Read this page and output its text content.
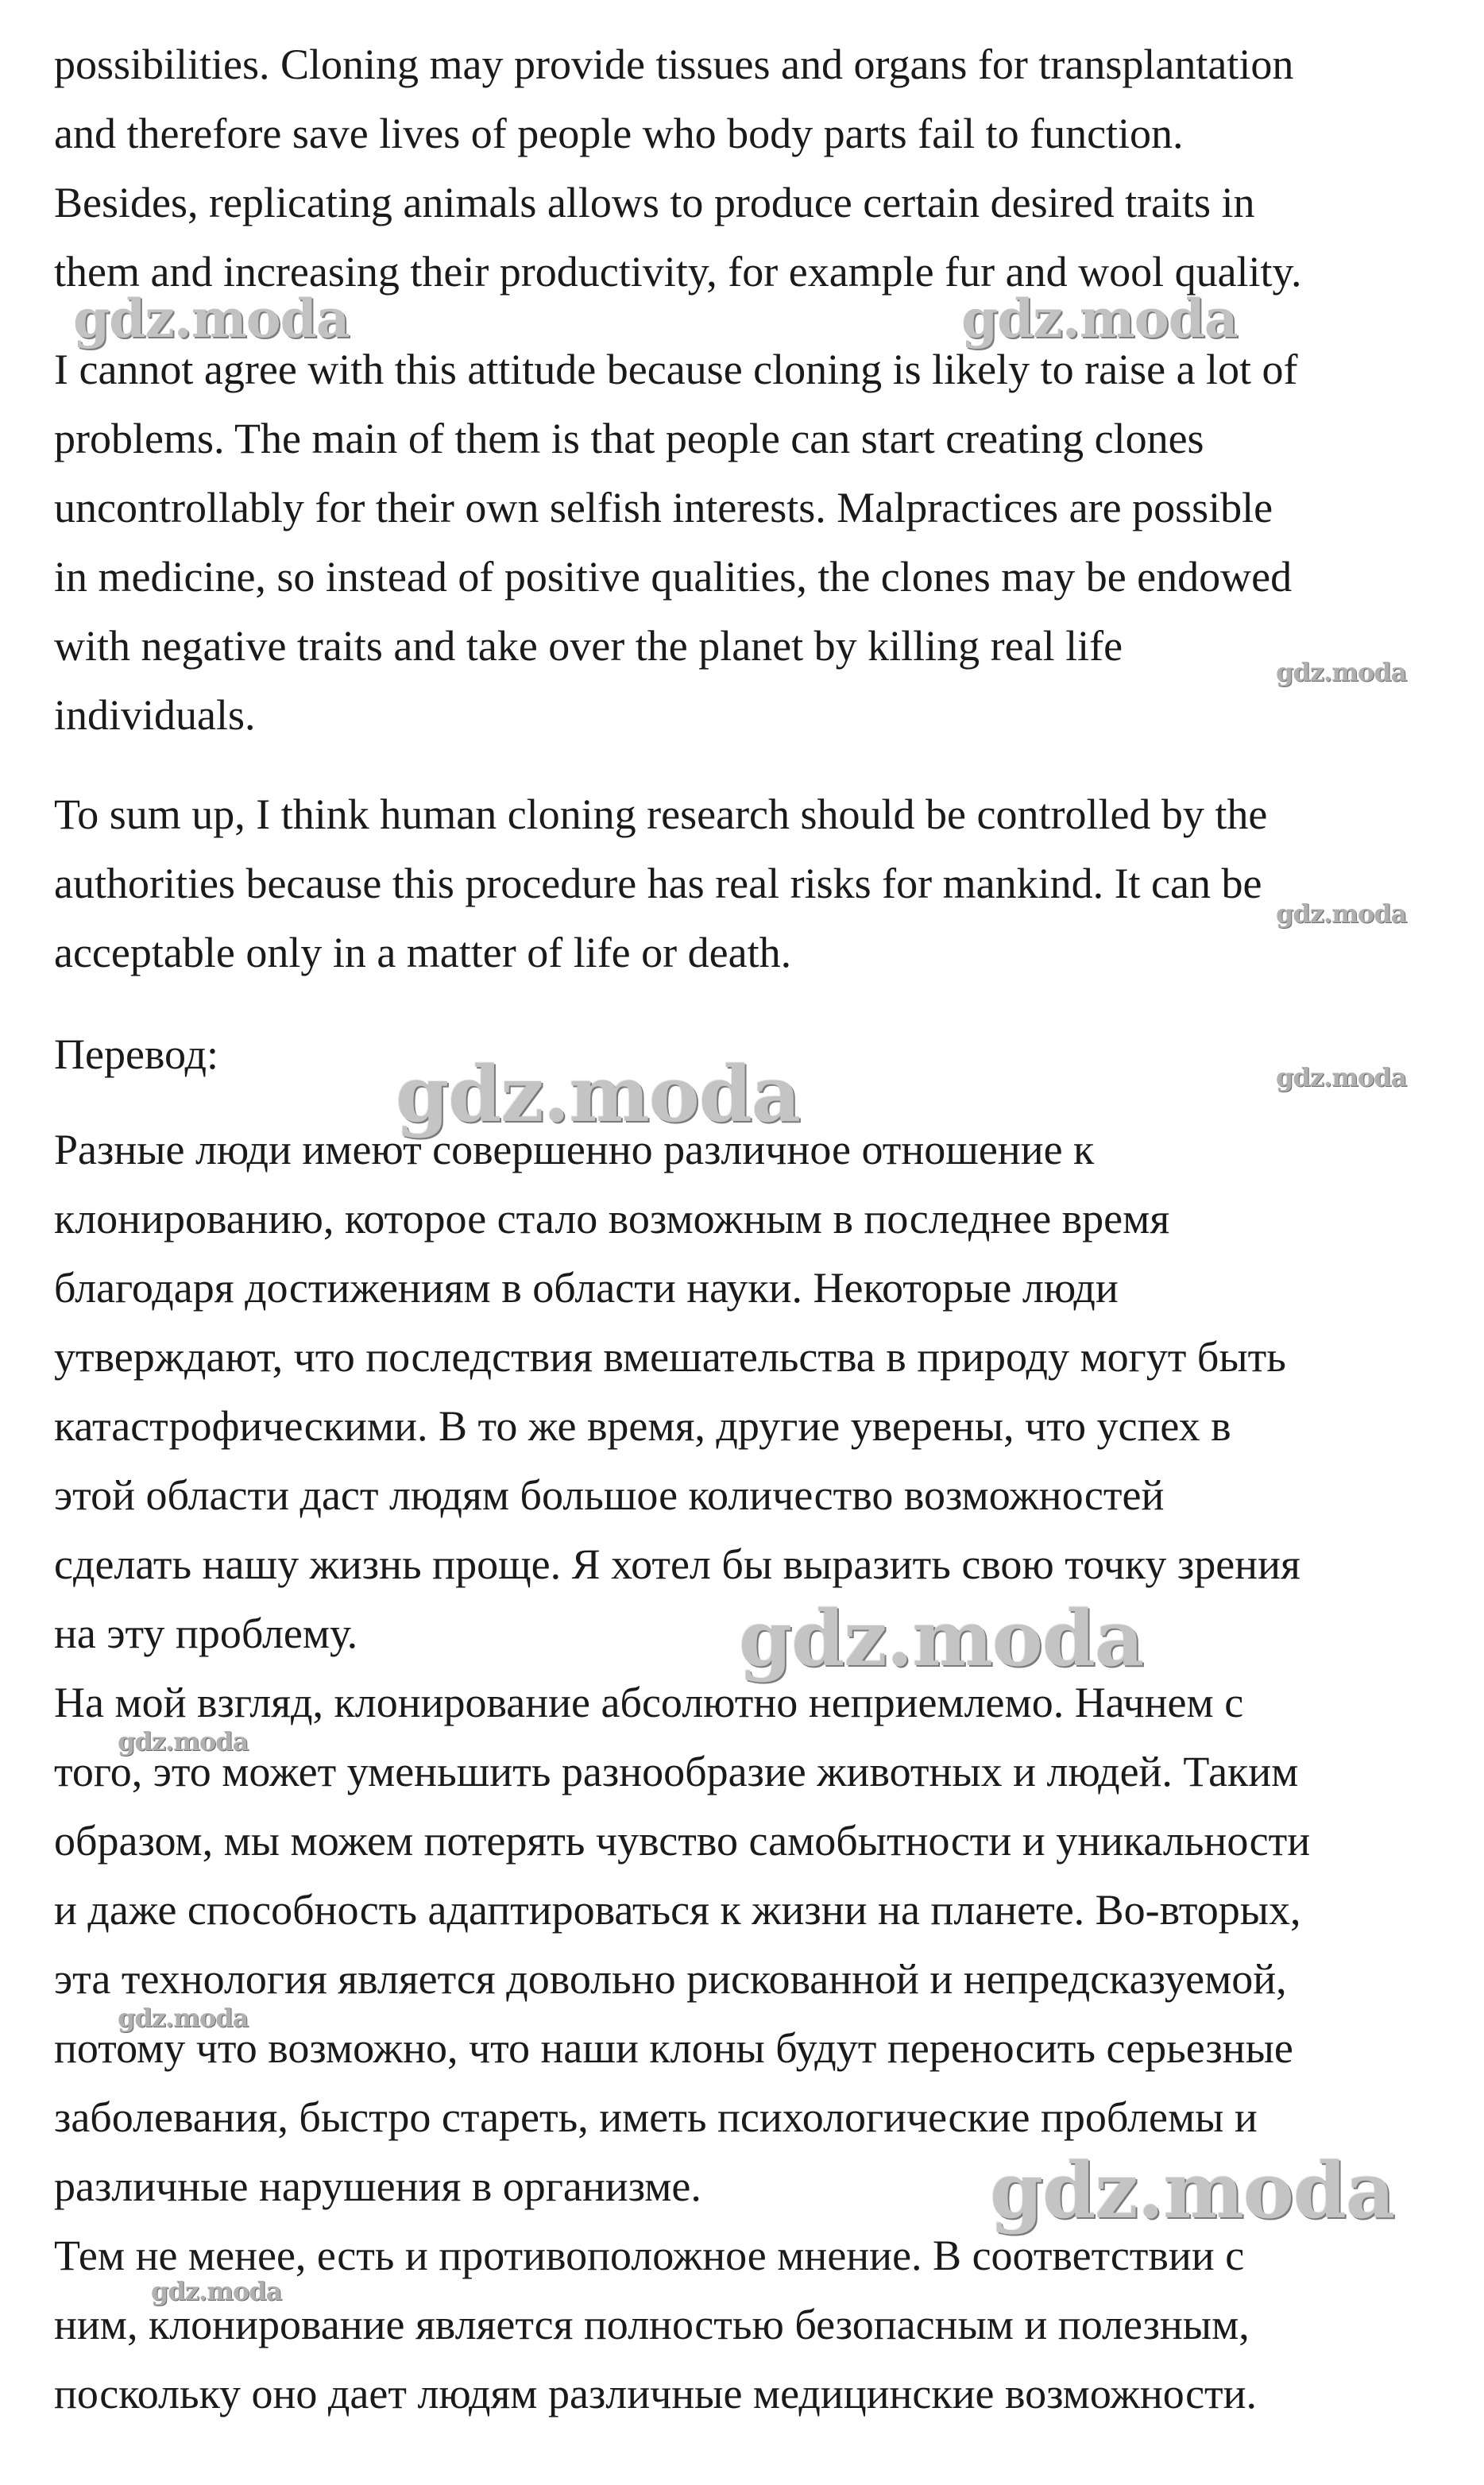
possibilities. Cloning may provide tissues and organs for transplantation
and therefore save lives of people who body parts fail to function.
Besides, replicating animals allows to produce certain desired traits in
them and increasing their productivity, for example fur and wool quality.
I cannot agree with this attitude because cloning is likely to raise a lot of
problems. The main of them is that people can start creating clones
uncontrollably for their own selfish interests. Malpractices are possible
in medicine, so instead of positive qualities, the clones may be endowed
with negative traits and take over the planet by killing real life
individuals.
To sum up, I think human cloning research should be controlled by the
authorities because this procedure has real risks for mankind. It can be
acceptable only in a matter of life or death.
Перевод:
Разные люди имеют совершенно различное отношение к
клонированию, которое стало возможным в последнее время
благодаря достижениям в области науки. Некоторые люди
утверждают, что последствия вмешательства в природу могут быть
катастрофическими. В то же время, другие уверены, что успех в
этой области даст людям большое количество возможностей
сделать нашу жизнь проще. Я хотел бы выразить свою точку зрения
на эту проблему.
На мой взгляд, клонирование абсолютно неприемлемо. Начнем с
того, это может уменьшить разнообразие животных и людей. Таким
образом, мы можем потерять чувство самобытности и уникальности
и даже способность адаптироваться к жизни на планете. Во-вторых,
эта технология является довольно рискованной и непредсказуемой,
потому что возможно, что наши клоны будут переносить серьезные
заболевания, быстро стареть, иметь психологические проблемы и
различные нарушения в организме.
Тем не менее, есть и противоположное мнение. В соответствии с
ним, клонирование является полностью безопасным и полезным,
поскольку оно дает людям различные медицинские возможности.
gdz.moda	gdz.moda
gdz.moda
gdz.moda
gdz.moda
gdz.moda
gdz.moda
gdz.moda
gdz.moda
gdz.moda
gdz.moda
